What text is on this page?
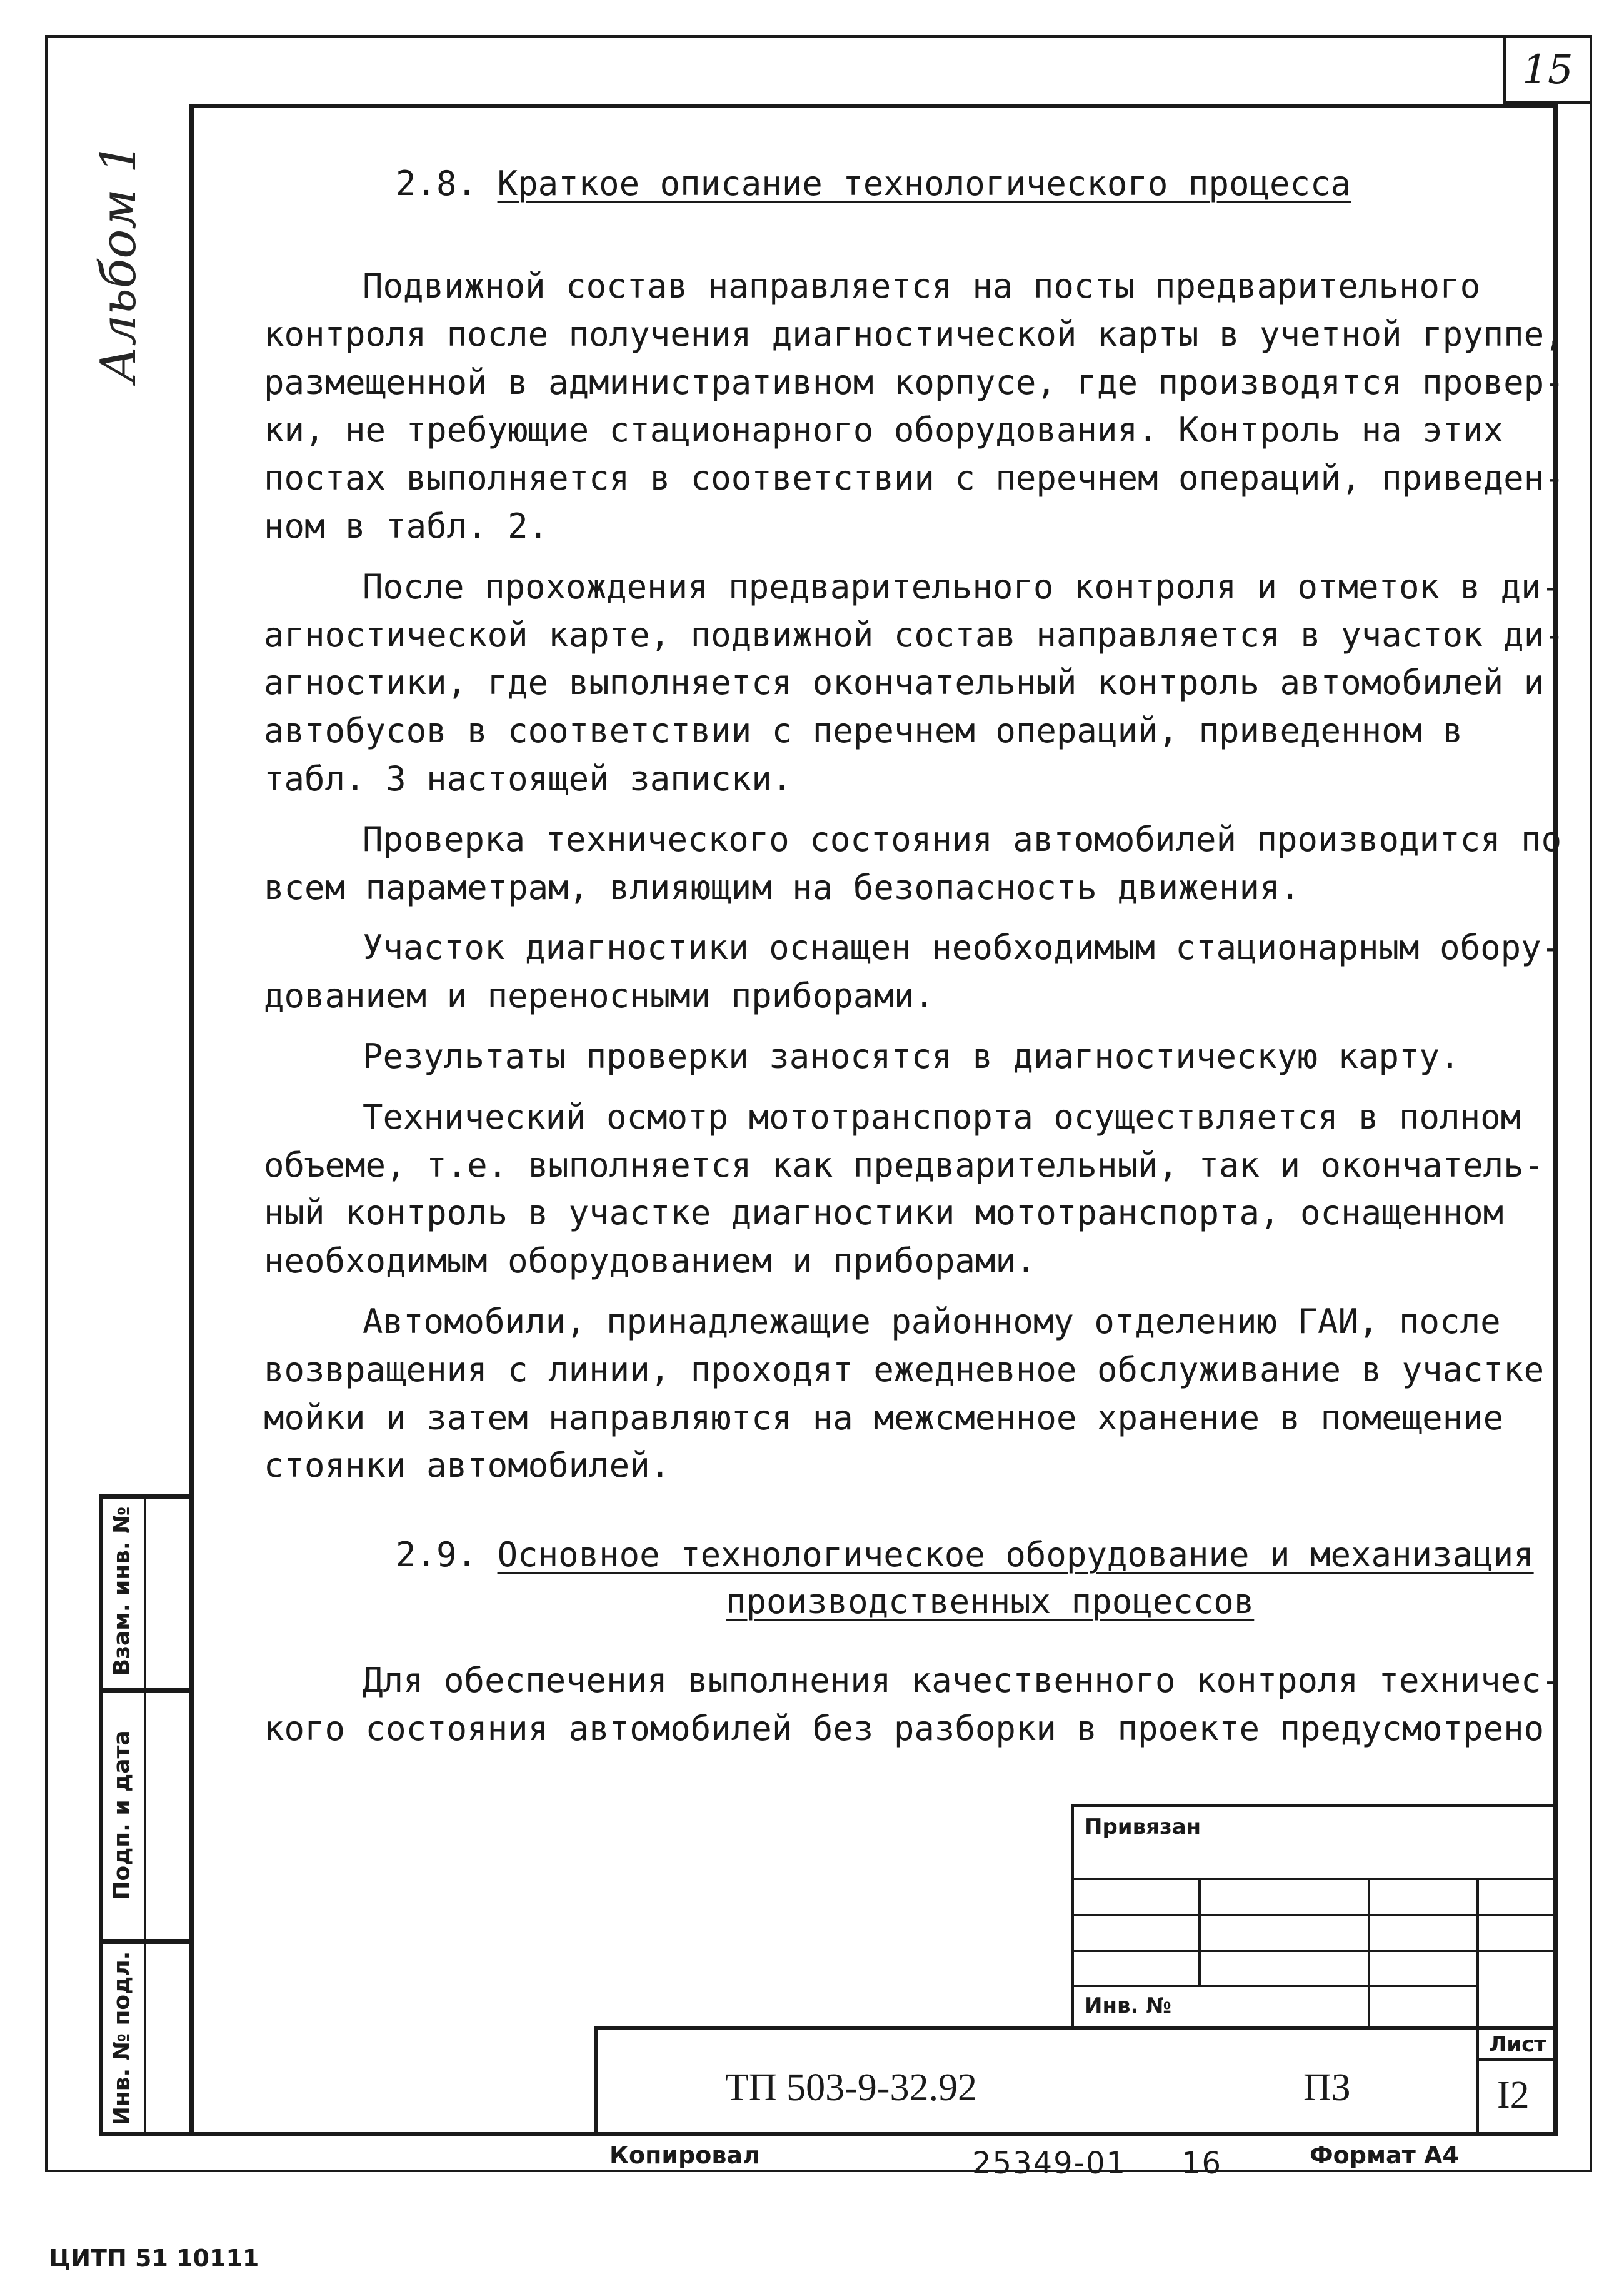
15
Альбом 1	2.8. Краткое описание технологического процесса

Подвижной состав направляется на посты предварительного
контроля после получения диагностической карты в учетной группе,
размещенной в административном корпусе, где производятся провер-
ки, не требующие стационарного оборудования. Контроль на этих
постах выполняется в соответствии с перечнем операций, приведен-
ном в табл. 2.

После прохождения предварительного контроля и отметок в ди-
агностической карте, подвижной состав направляется в участок ди-
агностики, где выполняется окончательный контроль автомобилей и
автобусов в соответствии с перечнем операций, приведенном в
табл. 3 настоящей записки.

Проверка технического состояния автомобилей производится по
всем параметрам, влияющим на безопасность движения.

Участок диагностики оснащен необходимым стационарным обору-
дованием и переносными приборами.

Результаты проверки заносятся в диагностическую карту.

Технический осмотр мототранспорта осуществляется в полном
объеме, т.е. выполняется как предварительный, так и окончатель-
ный контроль в участке диагностики мототранспорта, оснащенном
необходимым оборудованием и приборами.

Автомобили, принадлежащие районному отделению ГАИ, после
возвращения с линии, проходят ежедневное обслуживание в участке
мойки и затем направляются на межсменное хранение в помещение
стоянки автомобилей.

2.9. Основное технологическое оборудование и механизация
производственных процессов

Для обеспечения выполнения качественного контроля техничес-
кого состояния автомобилей без разборки в проекте предусмотрено

Взам. инв. №
Подп. и дата
Инв. № подл.
Привязан
Инв. №
Лист
ТП 503-9-32.92	ПЗ	I2
Копировал	25349-01 16	Формат А4
ЦИТП 51 10111
